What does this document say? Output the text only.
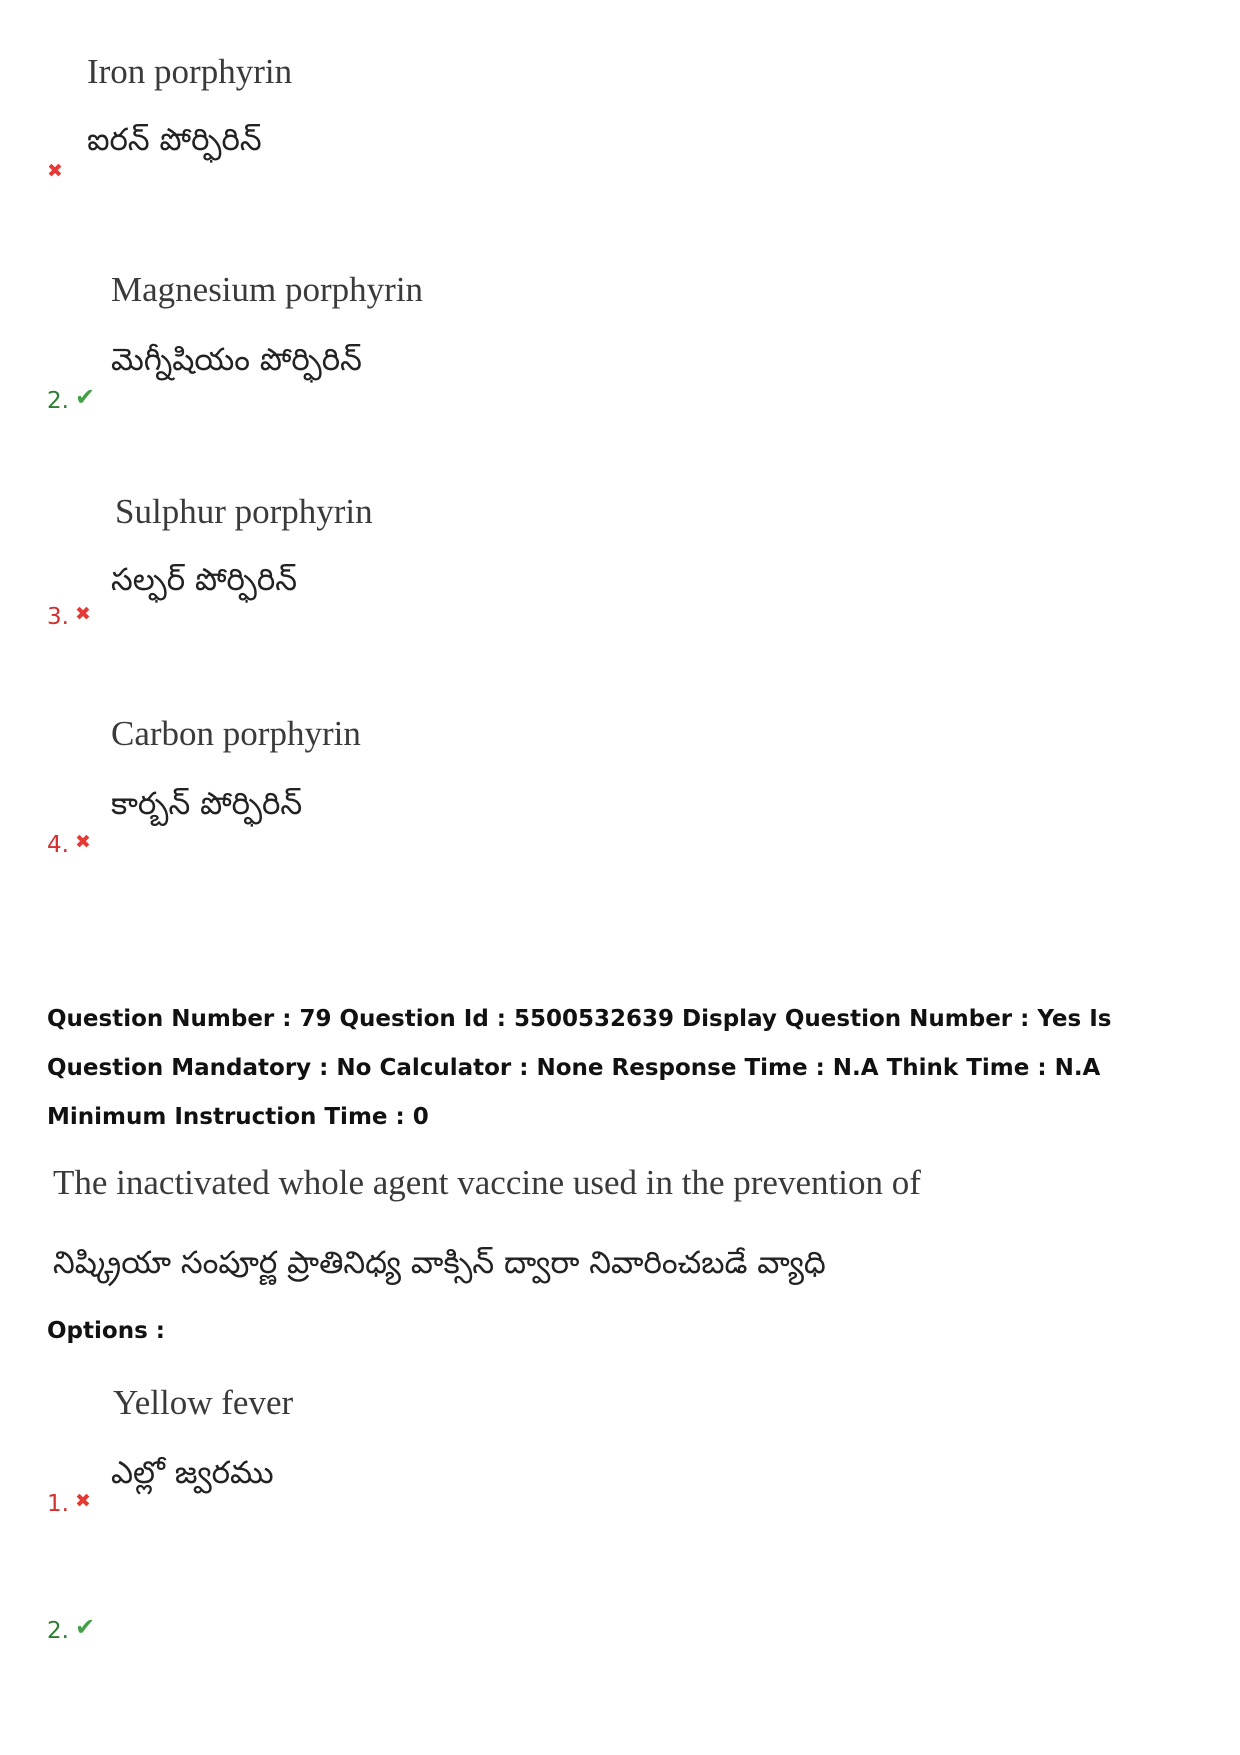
Iron porphyrin
ఐరన్ పోర్ఫిరిన్
✖
Magnesium porphyrin
మెగ్నీషియం పోర్ఫిరిన్
2. ✔
Sulphur porphyrin
సల్ఫర్ పోర్ఫిరిన్
3. ✖
Carbon porphyrin
కార్బన్ పోర్ఫిరిన్
4. ✖
Question Number : 79 Question Id : 5500532639 Display Question Number : Yes Is Question Mandatory : No Calculator : None Response Time : N.A Think Time : N.A Minimum Instruction Time : 0
The inactivated whole agent vaccine used in the prevention of
నిష్క్రియా సంపూర్ణ ప్రాతినిధ్య వాక్సిన్ ద్వారా నివారించబడే వ్యాధి
Options :
Yellow fever
ఎల్లో జ్వరము
1. ✖
2. ✔
